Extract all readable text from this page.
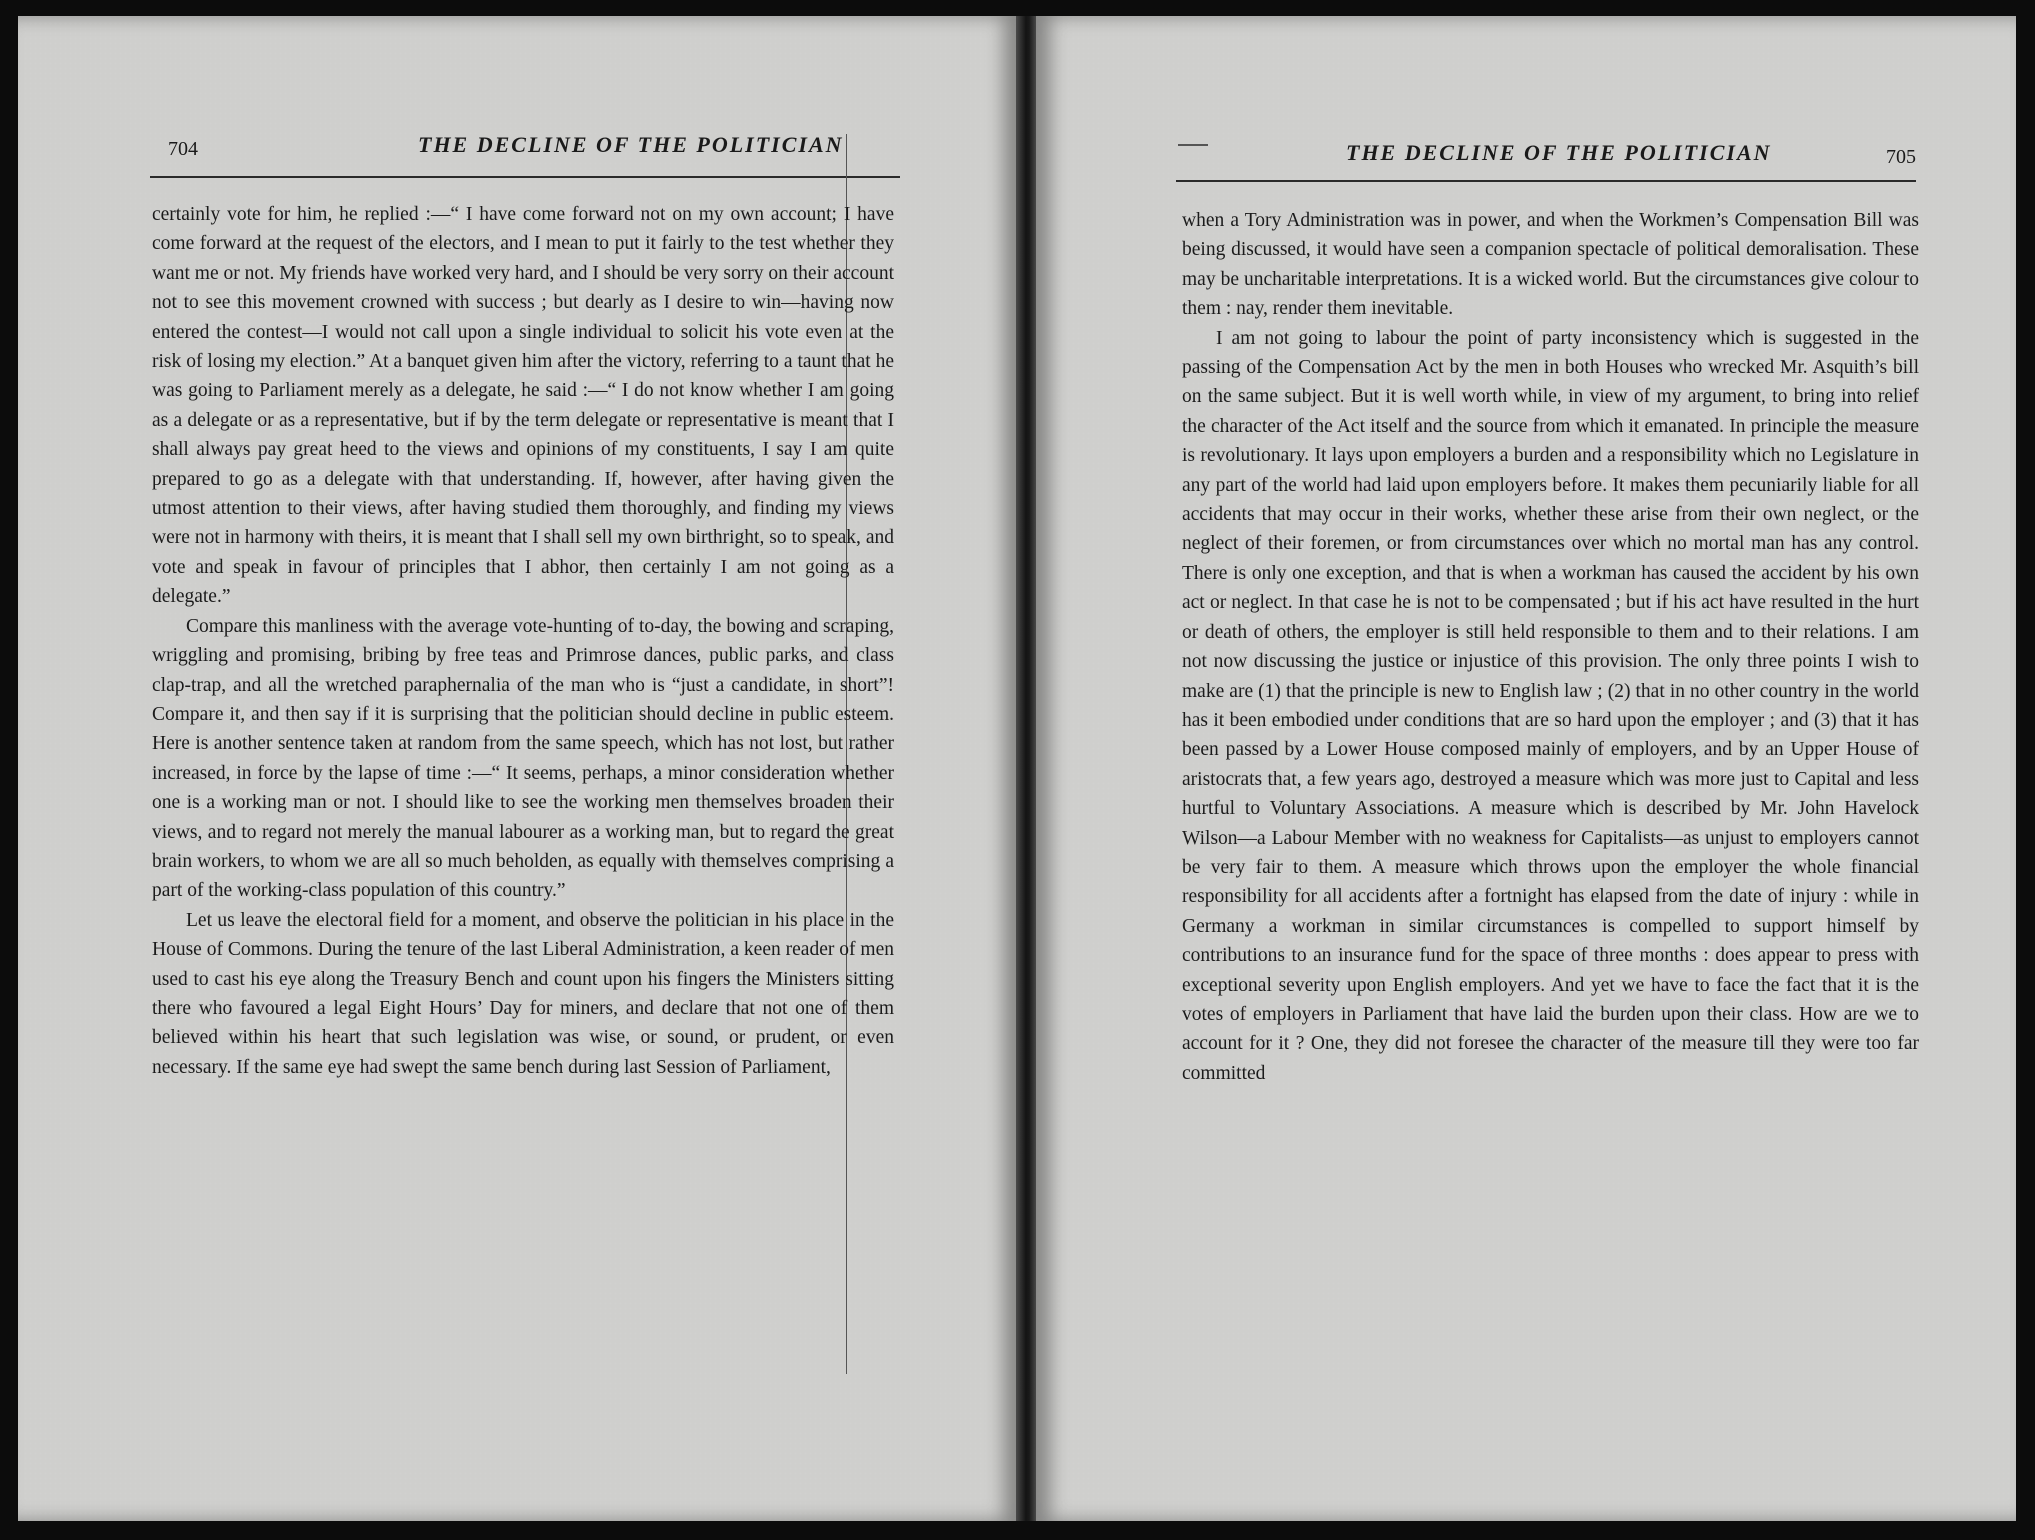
704	THE DECLINE OF THE POLITICIAN

certainly vote for him, he replied :—“ I have come forward not on my own account; I have come forward at the request of the electors, and I mean to put it fairly to the test whether they want me or not. My friends have worked very hard, and I should be very sorry on their account not to see this movement crowned with success ; but dearly as I desire to win—having now entered the contest—I would not call upon a single individual to solicit his vote even at the risk of losing my election.” At a banquet given him after the victory, referring to a taunt that he was going to Parliament merely as a delegate, he said :—“ I do not know whether I am going as a delegate or as a representative, but if by the term delegate or representative is meant that I shall always pay great heed to the views and opinions of my constituents, I say I am quite prepared to go as a delegate with that understanding. If, however, after having given the utmost attention to their views, after having studied them thoroughly, and finding my views were not in harmony with theirs, it is meant that I shall sell my own birthright, so to speak, and vote and speak in favour of principles that I abhor, then certainly I am not going as a delegate.”

Compare this manliness with the average vote-hunting of to-day, the bowing and scraping, wriggling and promising, bribing by free teas and Primrose dances, public parks, and class clap-trap, and all the wretched paraphernalia of the man who is “just a candidate, in short”! Compare it, and then say if it is surprising that the politician should decline in public esteem. Here is another sentence taken at random from the same speech, which has not lost, but rather increased, in force by the lapse of time :—“ It seems, perhaps, a minor consideration whether one is a working man or not. I should like to see the working men themselves broaden their views, and to regard not merely the manual labourer as a working man, but to regard the great brain workers, to whom we are all so much beholden, as equally with themselves comprising a part of the working-class population of this country.”

Let us leave the electoral field for a moment, and observe the politician in his place in the House of Commons. During the tenure of the last Liberal Administration, a keen reader of men used to cast his eye along the Treasury Bench and count upon his fingers the Ministers sitting there who favoured a legal Eight Hours’ Day for miners, and declare that not one of them believed within his heart that such legislation was wise, or sound, or prudent, or even necessary. If the same eye had swept the same bench during last Session of Parliament,

THE DECLINE OF THE POLITICIAN	705

when a Tory Administration was in power, and when the Workmen’s Compensation Bill was being discussed, it would have seen a companion spectacle of political demoralisation. These may be uncharitable interpretations. It is a wicked world. But the circumstances give colour to them : nay, render them inevitable.

I am not going to labour the point of party inconsistency which is suggested in the passing of the Compensation Act by the men in both Houses who wrecked Mr. Asquith’s bill on the same subject. But it is well worth while, in view of my argument, to bring into relief the character of the Act itself and the source from which it emanated. In principle the measure is revolutionary. It lays upon employers a burden and a responsibility which no Legislature in any part of the world had laid upon employers before. It makes them pecuniarily liable for all accidents that may occur in their works, whether these arise from their own neglect, or the neglect of their foremen, or from circumstances over which no mortal man has any control. There is only one exception, and that is when a workman has caused the accident by his own act or neglect. In that case he is not to be compensated ; but if his act have resulted in the hurt or death of others, the employer is still held responsible to them and to their relations. I am not now discussing the justice or injustice of this provision. The only three points I wish to make are (1) that the principle is new to English law ; (2) that in no other country in the world has it been embodied under conditions that are so hard upon the employer ; and (3) that it has been passed by a Lower House composed mainly of employers, and by an Upper House of aristocrats that, a few years ago, destroyed a measure which was more just to Capital and less hurtful to Voluntary Associations. A measure which is described by Mr. John Havelock Wilson—a Labour Member with no weakness for Capitalists—as unjust to employers cannot be very fair to them. A measure which throws upon the employer the whole financial responsibility for all accidents after a fortnight has elapsed from the date of injury : while in Germany a workman in similar circumstances is compelled to support himself by contributions to an insurance fund for the space of three months : does appear to press with exceptional severity upon English employers. And yet we have to face the fact that it is the votes of employers in Parliament that have laid the burden upon their class. How are we to account for it ? One, they did not foresee the character of the measure till they were too far committed
